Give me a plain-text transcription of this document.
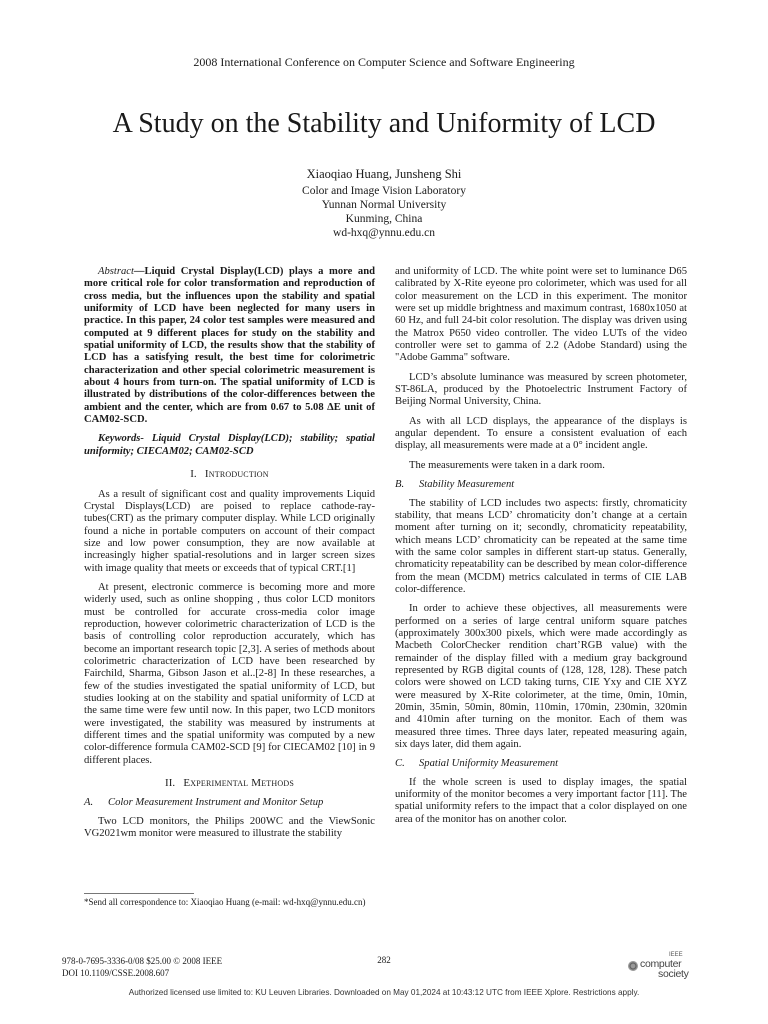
2008 International Conference on Computer Science and Software Engineering
A Study on the Stability and Uniformity of LCD
Xiaoqiao Huang, Junsheng Shi
Color and Image Vision Laboratory
Yunnan Normal University
Kunming, China
wd-hxq@ynnu.edu.cn

Abstract—Liquid Crystal Display(LCD) plays a more and more critical role for color transformation and reproduction of cross media, but the influences upon the stability and spatial uniformity of LCD have been neglected for many users in practice. In this paper, 24 color test samples were measured and computed at 9 different places for study on the stability and spatial uniformity of LCD, the results show that the stability of LCD has a satisfying result, the best time for colorimetric characterization and other special colorimetric measurement is about 4 hours from turn-on. The spatial uniformity of LCD is illustrated by distributions of the color-differences between the ambient and the center, which are from 0.67 to 5.08 ΔE unit of CAM02-SCD.

Keywords- Liquid Crystal Display(LCD); stability; spatial uniformity; CIECAM02; CAM02-SCD

I. Introduction

As a result of significant cost and quality improvements Liquid Crystal Displays(LCD) are poised to replace cathode-ray-tubes(CRT) as the primary computer display. While LCD originally found a niche in portable computers on account of their compact size and low power consumption, they are now available at increasingly higher spatial-resolutions and in larger screen sizes with image quality that meets or exceeds that of typical CRT.[1]

At present, electronic commerce is becoming more and more widerly used, such as online shopping , thus color LCD monitors must be controlled for accurate cross-media color image reproduction, however colorimetric characterization of LCD is the basis of controlling color reproduction accurately, which has become an important research topic [2,3]. A series of methods about colorimetric characterization of LCD have been researched by Fairchild, Sharma, Gibson Jason et al..[2-8] In these researches, a few of the studies investigated the spatial uniformity of LCD, but studies looking at on the stability and spatial uniformity of LCD at the same time were few until now. In this paper, two LCD monitors were investigated, the stability was measured by instruments at different times and the spatial uniformity was computed by a new color-difference formula CAM02-SCD [9] for CIECAM02 [10] in 9 different places.

II. Experimental Methods
A. Color Measurement Instrument and Monitor Setup

Two LCD monitors, the Philips 200WC and the ViewSonic VG2021wm monitor were measured to illustrate the stability

and uniformity of LCD. The white point were set to luminance D65 calibrated by X-Rite eyeone pro colorimeter, which was used for all color measurement on the LCD in this experiment. The monitor were set up middle brightness and maximum contrast, 1680x1050 at 60 Hz, and full 24-bit color resolution. The display was driven using the Matrox P650 video controller. The video LUTs of the video controller were set to gamma of 2.2 (Adobe Standard) using the "Adobe Gamma" software.

LCD’s absolute luminance was measured by screen photometer, ST-86LA, produced by the Photoelectric Instrument Factory of Beijing Normal University, China.

As with all LCD displays, the appearance of the displays is angular dependent. To ensure a consistent evaluation of each display, all measurements were made at a 0° incident angle.

The measurements were taken in a dark room.

B. Stability Measurement

The stability of LCD includes two aspects: firstly, chromaticity stability, that means LCD’ chromaticity don’t change at a certain moment after turning on it; secondly, chromaticity repeatability, which means LCD’ chromaticity can be repeated at the same time with the same color samples in different start-up status. Generally, chromaticity repeatability can be described by mean color-difference from the mean (MCDM) metrics calculated in terms of CIE LAB color-difference.

In order to achieve these objectives, all measurements were performed on a series of large central uniform square patches (approximately 300x300 pixels, which were made accordingly as Macbeth ColorChecker rendition chart’RGB value) with the remainder of the display filled with a medium gray background represented by RGB digital counts of (128, 128, 128). These patch colors were showed on LCD taking turns, CIE Yxy and CIE XYZ were measured by X-Rite colorimeter, at the time, 0min, 10min, 20min, 35min, 50min, 80min, 110min, 170min, 230min, 320min and 410min after turning on the monitor. Each of them was measured three times. Three days later, repeated measuring again, six days later, did them again.

C. Spatial Uniformity Measurement

If the whole screen is used to display images, the spatial uniformity of the monitor becomes a very important factor [11]. The spatial uniformity refers to the impact that a color displayed on one area of the monitor has on another color.

*Send all correspondence to: Xiaoqiao Huang (e-mail: wd-hxq@ynnu.edu.cn)
978-0-7695-3336-0/08 $25.00 © 2008 IEEE
DOI 10.1109/CSSE.2008.607
282	IEEE
computer
society
Authorized licensed use limited to: KU Leuven Libraries. Downloaded on May 01,2024 at 10:43:12 UTC from IEEE Xplore. Restrictions apply.
